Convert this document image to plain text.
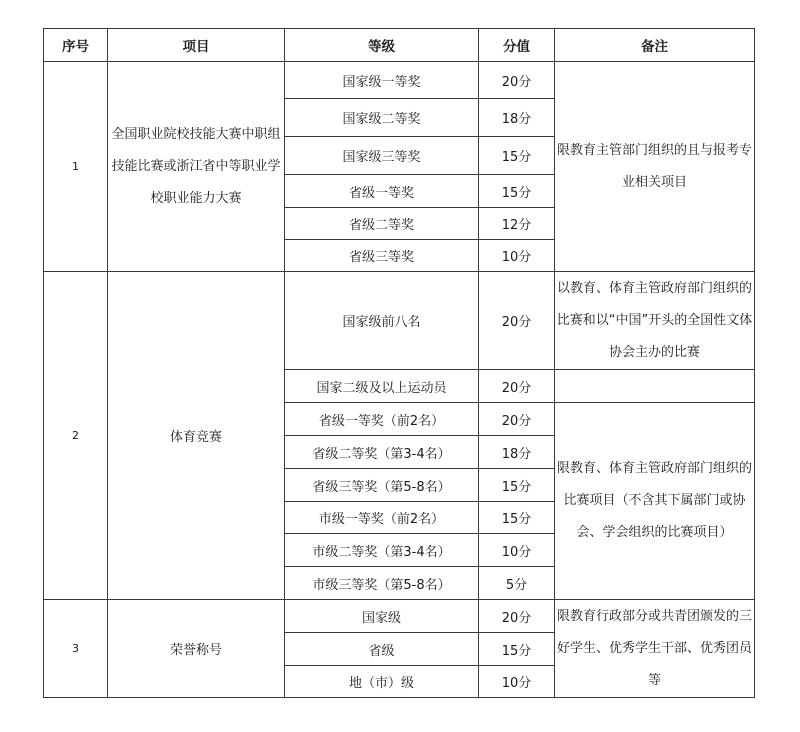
序号	项目	等级	分值	备注
1	全国职业院校技能大赛中职组技能比赛或浙江省中等职业学校职业能力大赛	国家级一等奖	20分	限教育主管部门组织的且与报考专业相关项目
		国家级二等奖	18分	
		国家级三等奖	15分	
		省级一等奖	15分	
		省级二等奖	12分	
		省级三等奖	10分	
2	体育竞赛	国家级前八名	20分	以教育、体育主管政府部门组织的比赛和以“中国”开头的全国性文体协会主办的比赛
		国家二级及以上运动员	20分	
		省级一等奖（前2名）	20分	限教育、体育主管政府部门组织的比赛项目（不含其下属部门或协会、学会组织的比赛项目）
		省级二等奖（第3-4名）	18分	
		省级三等奖（第5-8名）	15分	
		市级一等奖（前2名）	15分	
		市级二等奖（第3-4名）	10分	
		市级三等奖（第5-8名）	5分	
3	荣誉称号	国家级	20分	限教育行政部分或共青团颁发的三好学生、优秀学生干部、优秀团员等
		省级	15分	
		地（市）级	10分	
